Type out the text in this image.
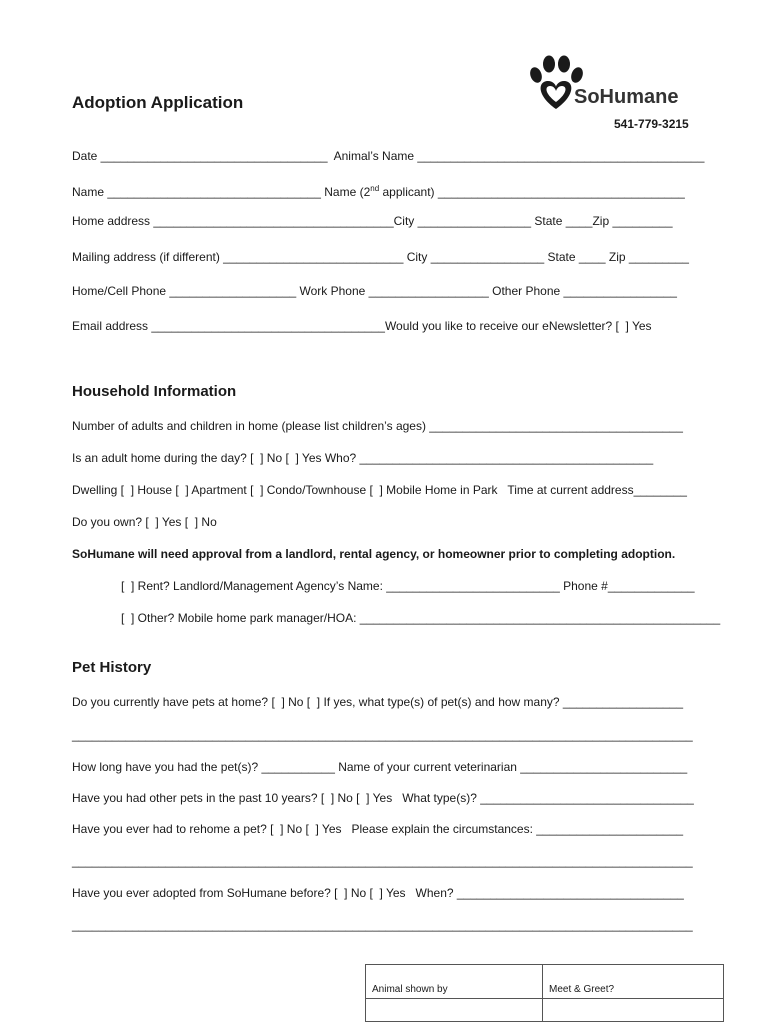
Adoption Application	SoHumane
541-779-3215
Date __________________________________  Animal’s Name ___________________________________________
Name ________________________________ Name (2nd applicant) _____________________________________
Home address ____________________________________City _________________ State ____Zip _________
Mailing address (if different) ___________________________ City _________________ State ____ Zip _________
Home/Cell Phone ___________________ Work Phone __________________ Other Phone _________________
Email address ___________________________________Would you like to receive our eNewsletter? [  ] Yes
Household Information
Number of adults and children in home (please list children’s ages) ______________________________________
Is an adult home during the day? [  ] No [  ] Yes Who? ____________________________________________
Dwelling [  ] House [  ] Apartment [  ] Condo/Townhouse [  ] Mobile Home in Park   Time at current address________
Do you own? [  ] Yes [  ] No
SoHumane will need approval from a landlord, rental agency, or homeowner prior to completing adoption.
[  ] Rent? Landlord/Management Agency’s Name: __________________________ Phone #_____________
[  ] Other? Mobile home park manager/HOA: ______________________________________________________
Pet History
Do you currently have pets at home? [  ] No [  ] If yes, what type(s) of pet(s) and how many? __________________
_____________________________________________________________________________________________
How long have you had the pet(s)? ___________ Name of your current veterinarian _________________________
Have you had other pets in the past 10 years? [  ] No [  ] Yes   What type(s)? ________________________________
Have you ever had to rehome a pet? [  ] No [  ] Yes   Please explain the circumstances: ______________________
_____________________________________________________________________________________________
Have you ever adopted from SoHumane before? [  ] No [  ] Yes   When? __________________________________
_____________________________________________________________________________________________
Animal shown by	Meet & Greet?
